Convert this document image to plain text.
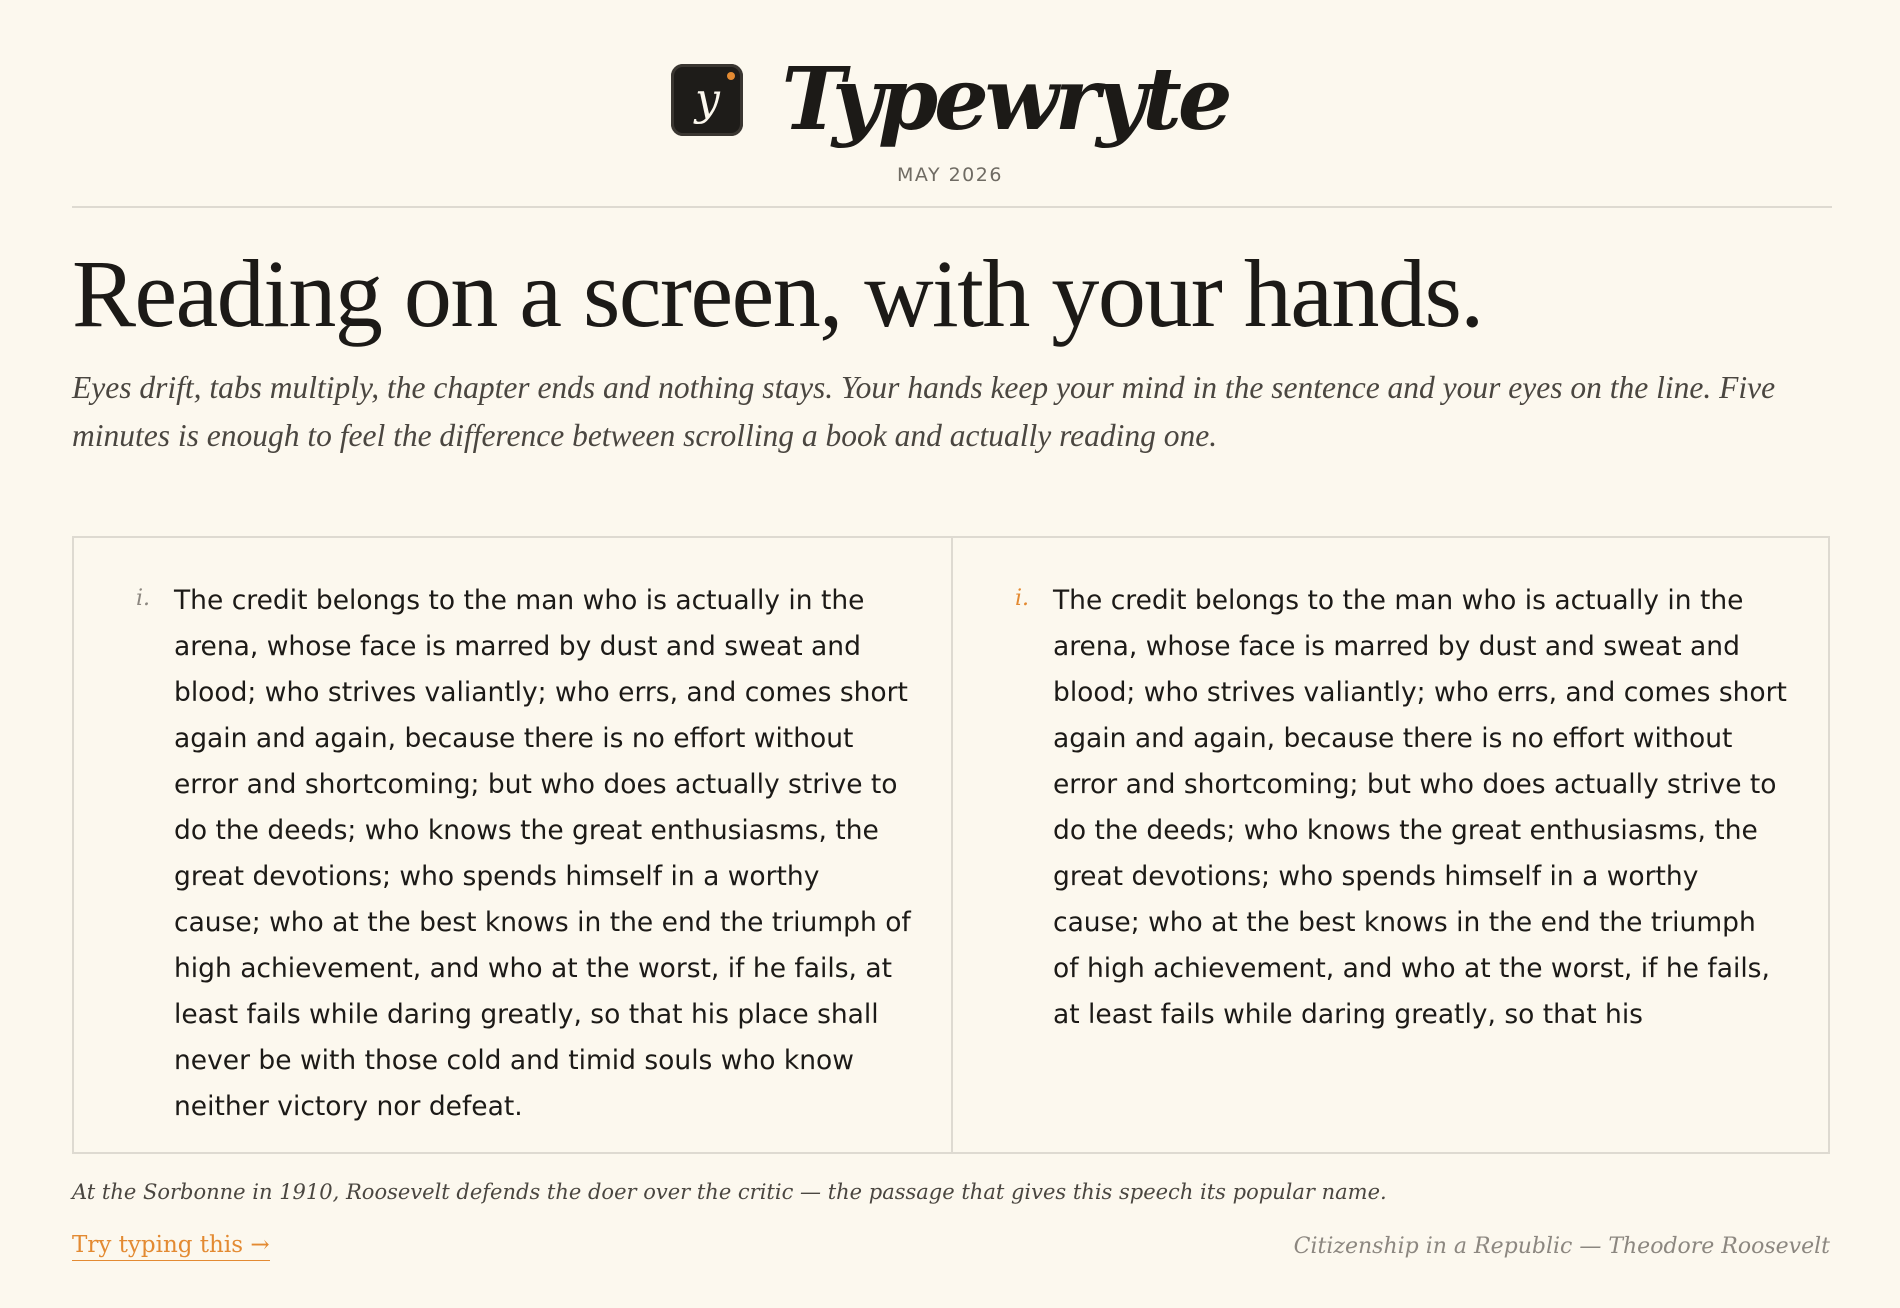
y Typewryte
MAY 2026
Reading on a screen, with your hands.

Eyes drift, tabs multiply, the chapter ends and nothing stays. Your hands keep your mind in the sentence and your eyes on the line. Five minutes is enough to feel the difference between scrolling a book and actually reading one.

i. The credit belongs to the man who is actually in the arena, whose face is marred by dust and sweat and blood; who strives valiantly; who errs, and comes short again and again, because there is no effort without error and shortcoming; but who does actually strive to do the deeds; who knows the great enthusiasms, the great devotions; who spends himself in a worthy cause; who at the best knows in the end the triumph of high achievement, and who at the worst, if he fails, at least fails while daring greatly, so that his place shall never be with those cold and timid souls who know neither victory nor defeat.

i. The credit belongs to the man who is actually in the arena, whose face is marred by dust and sweat and blood; who strives valiantly; who errs, and comes short again and again, because there is no effort without error and shortcoming; but who does actually strive to do the deeds; who knows the great enthusiasms, the great devotions; who spends himself in a worthy cause; who at the best knows in the end the triumph of high achievement, and who at the worst, if he fails, at least fails while daring greatly, so that his

At the Sorbonne in 1910, Roosevelt defends the doer over the critic — the passage that gives this speech its popular name.
Try typing this →	Citizenship in a Republic — Theodore Roosevelt
